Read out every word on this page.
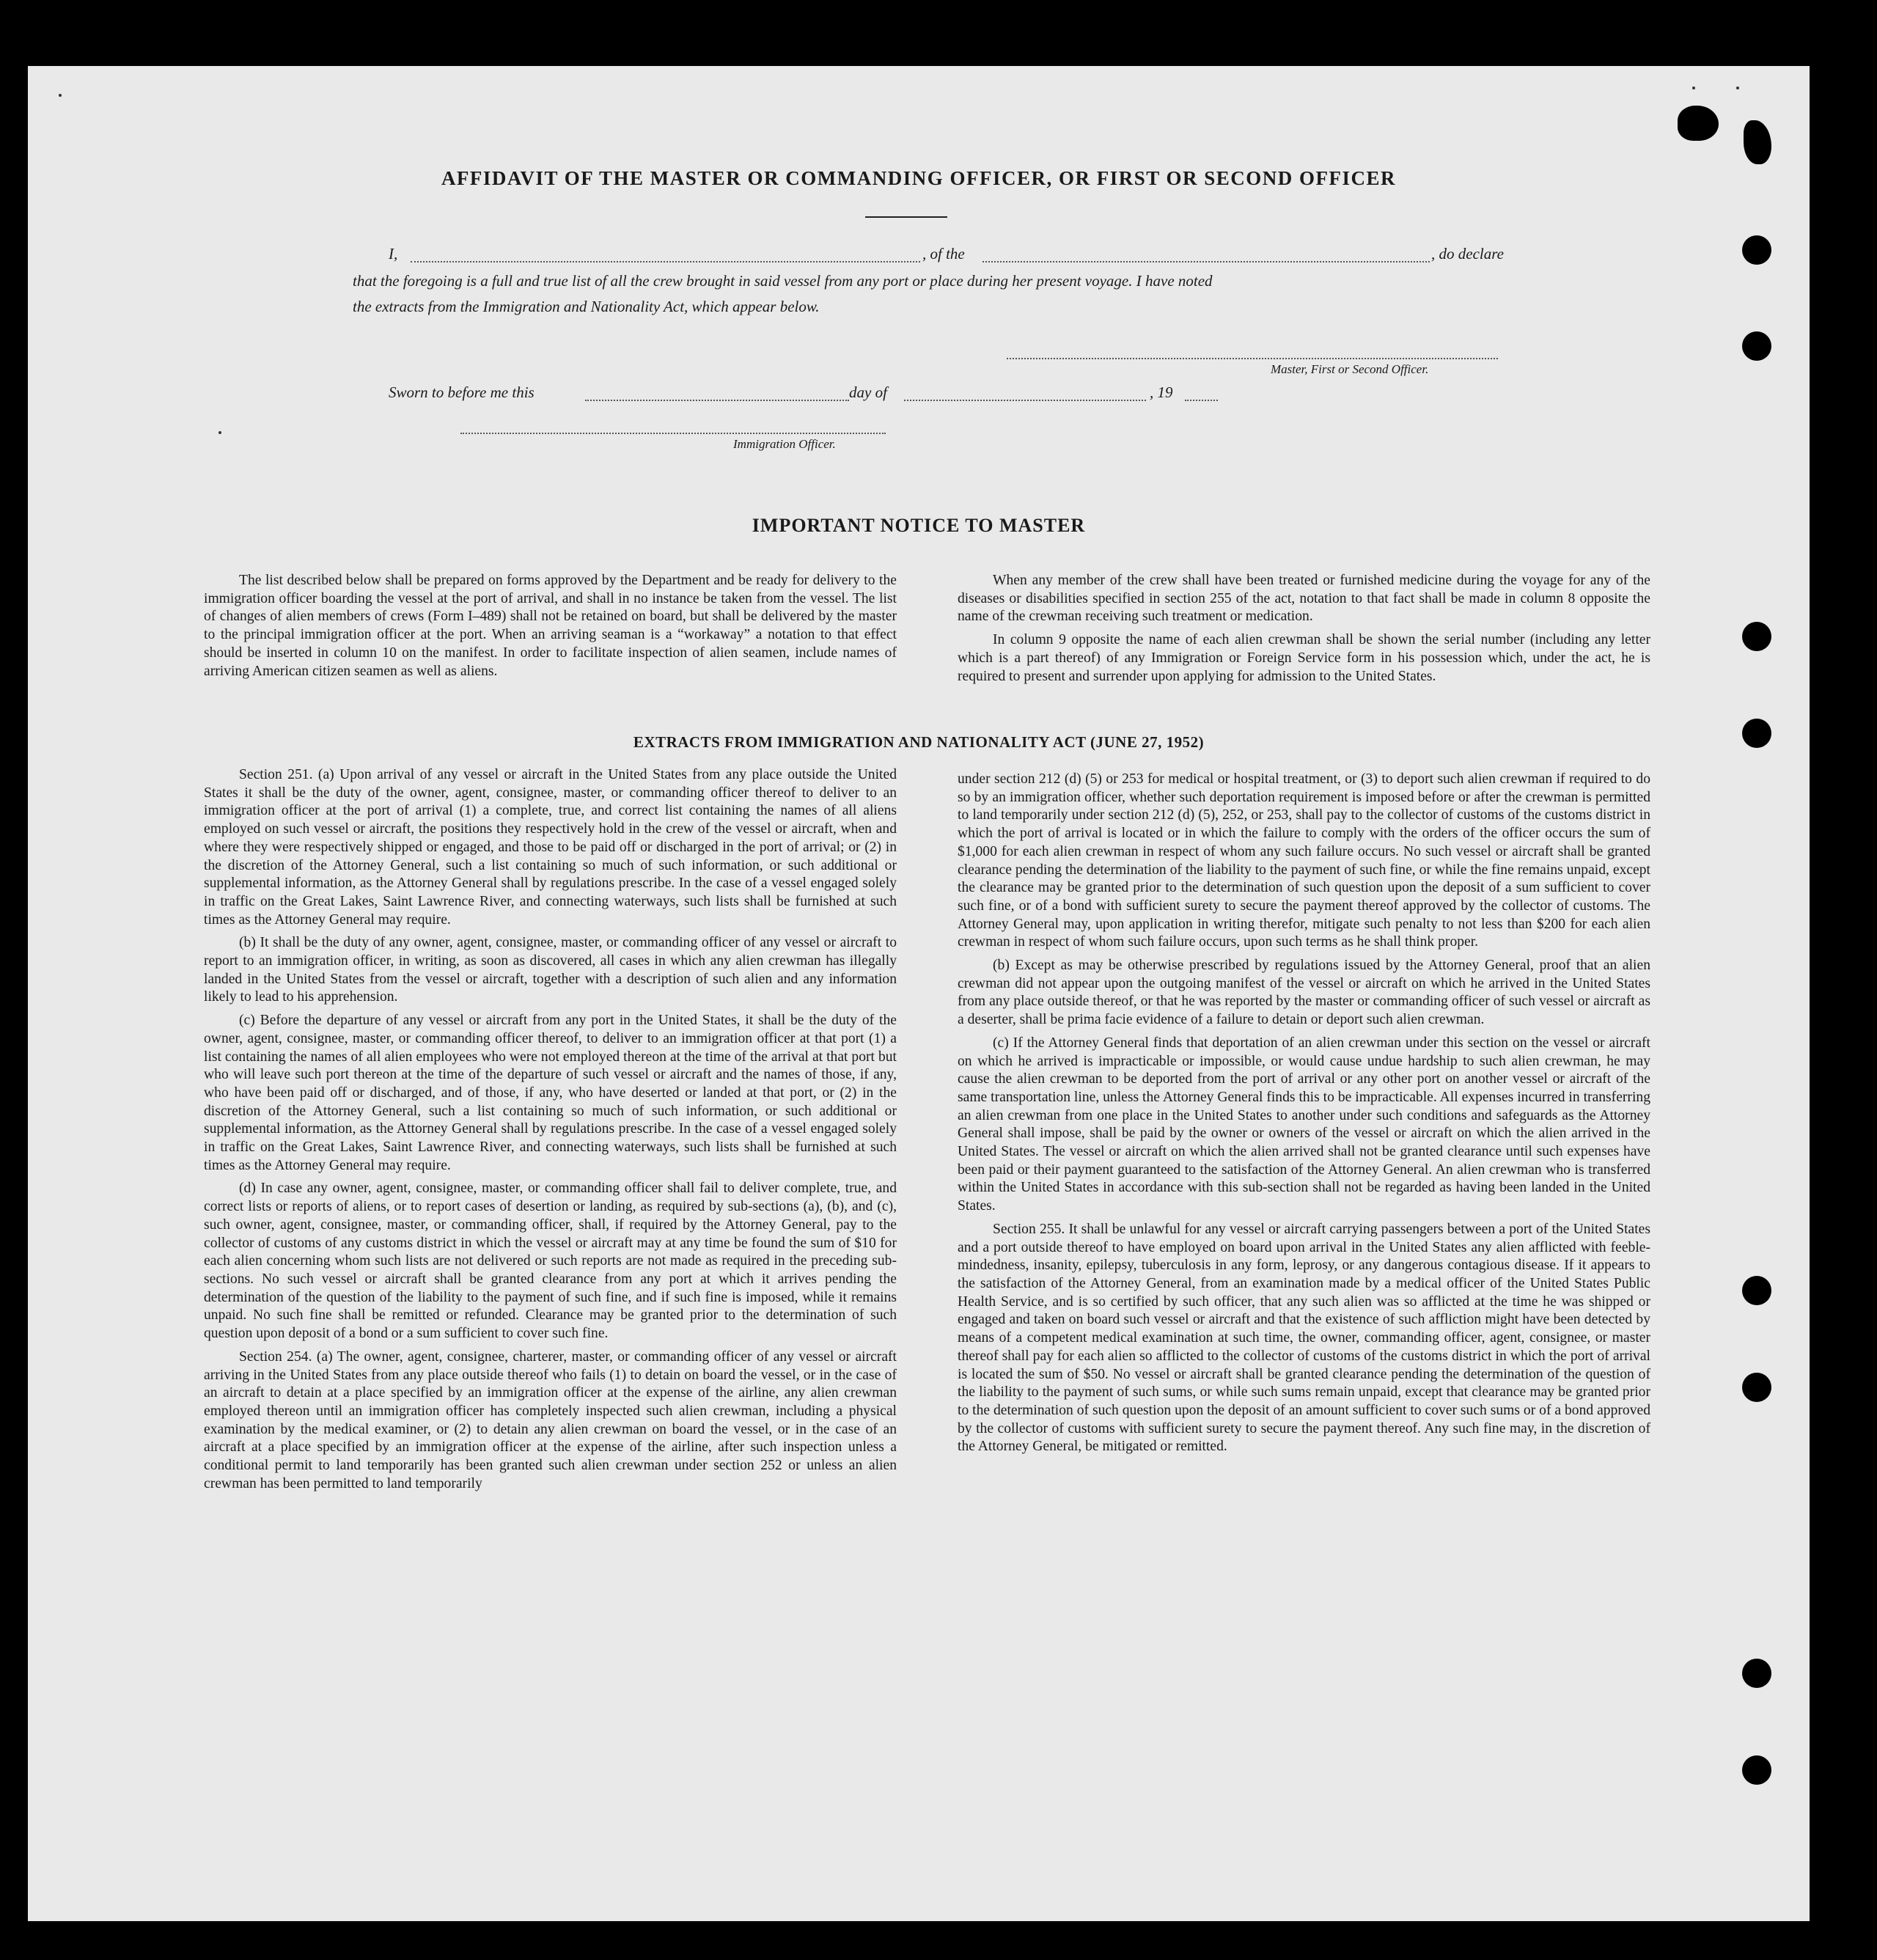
AFFIDAVIT OF THE MASTER OR COMMANDING OFFICER, OR FIRST OR SECOND OFFICER
I,	, of the	, do declare
that the foregoing is a full and true list of all the crew brought in said vessel from any port or place during her present voyage. I have noted
the extracts from the Immigration and Nationality Act, which appear below.
Master, First or Second Officer.
Sworn to before me this	day of	, 19
Immigration Officer.
IMPORTANT NOTICE TO MASTER

The list described below shall be prepared on forms approved by the Department and be ready for delivery to the immigration officer boarding the vessel at the port of arrival, and shall in no instance be taken from the vessel. The list of changes of alien members of crews (Form I–489) shall not be retained on board, but shall be delivered by the master to the principal immigration officer at the port. When an arriving seaman is a “workaway” a notation to that effect should be inserted in column 10 on the manifest. In order to facilitate inspection of alien seamen, include names of arriving American citizen seamen as well as aliens.

When any member of the crew shall have been treated or furnished medicine during the voyage for any of the diseases or disabilities specified in section 255 of the act, notation to that fact shall be made in column 8 opposite the name of the crewman receiving such treatment or medication.

In column 9 opposite the name of each alien crewman shall be shown the serial number (including any letter which is a part thereof) of any Immigration or Foreign Service form in his possession which, under the act, he is required to present and surrender upon applying for admission to the United States.

EXTRACTS FROM IMMIGRATION AND NATIONALITY ACT (JUNE 27, 1952)

Section 251. (a) Upon arrival of any vessel or aircraft in the United States from any place outside the United States it shall be the duty of the owner, agent, consignee, master, or commanding officer thereof to deliver to an immigration officer at the port of arrival (1) a complete, true, and correct list containing the names of all aliens employed on such vessel or aircraft, the positions they respectively hold in the crew of the vessel or aircraft, when and where they were respectively shipped or engaged, and those to be paid off or discharged in the port of arrival; or (2) in the discretion of the Attorney General, such a list containing so much of such information, or such additional or supplemental information, as the Attorney General shall by regulations prescribe. In the case of a vessel engaged solely in traffic on the Great Lakes, Saint Lawrence River, and connecting waterways, such lists shall be furnished at such times as the Attorney General may require.

(b) It shall be the duty of any owner, agent, consignee, master, or commanding officer of any vessel or aircraft to report to an immigration officer, in writing, as soon as discovered, all cases in which any alien crewman has illegally landed in the United States from the vessel or aircraft, together with a description of such alien and any information likely to lead to his apprehension.

(c) Before the departure of any vessel or aircraft from any port in the United States, it shall be the duty of the owner, agent, consignee, master, or commanding officer thereof, to deliver to an immigration officer at that port (1) a list containing the names of all alien employees who were not employed thereon at the time of the arrival at that port but who will leave such port thereon at the time of the departure of such vessel or aircraft and the names of those, if any, who have been paid off or discharged, and of those, if any, who have deserted or landed at that port, or (2) in the discretion of the Attorney General, such a list containing so much of such information, or such additional or supplemental information, as the Attorney General shall by regulations prescribe. In the case of a vessel engaged solely in traffic on the Great Lakes, Saint Lawrence River, and connecting waterways, such lists shall be furnished at such times as the Attorney General may require.

(d) In case any owner, agent, consignee, master, or commanding officer shall fail to deliver complete, true, and correct lists or reports of aliens, or to report cases of desertion or landing, as required by sub-sections (a), (b), and (c), such owner, agent, consignee, master, or commanding officer, shall, if required by the Attorney General, pay to the collector of customs of any customs district in which the vessel or aircraft may at any time be found the sum of $10 for each alien concerning whom such lists are not delivered or such reports are not made as required in the preceding sub-sections. No such vessel or aircraft shall be granted clearance from any port at which it arrives pending the determination of the question of the liability to the payment of such fine, and if such fine is imposed, while it remains unpaid. No such fine shall be remitted or refunded. Clearance may be granted prior to the determination of such question upon deposit of a bond or a sum sufficient to cover such fine.

Section 254. (a) The owner, agent, consignee, charterer, master, or commanding officer of any vessel or aircraft arriving in the United States from any place outside thereof who fails (1) to detain on board the vessel, or in the case of an aircraft to detain at a place specified by an immigration officer at the expense of the airline, any alien crewman employed thereon until an immigration officer has completely inspected such alien crewman, including a physical examination by the medical examiner, or (2) to detain any alien crewman on board the vessel, or in the case of an aircraft at a place specified by an immigration officer at the expense of the airline, after such inspection unless a conditional permit to land temporarily has been granted such alien crewman under section 252 or unless an alien crewman has been permitted to land temporarily

under section 212 (d) (5) or 253 for medical or hospital treatment, or (3) to deport such alien crewman if required to do so by an immigration officer, whether such deportation requirement is imposed before or after the crewman is permitted to land temporarily under section 212 (d) (5), 252, or 253, shall pay to the collector of customs of the customs district in which the port of arrival is located or in which the failure to comply with the orders of the officer occurs the sum of $1,000 for each alien crewman in respect of whom any such failure occurs. No such vessel or aircraft shall be granted clearance pending the determination of the liability to the payment of such fine, or while the fine remains unpaid, except the clearance may be granted prior to the determination of such question upon the deposit of a sum sufficient to cover such fine, or of a bond with sufficient surety to secure the payment thereof approved by the collector of customs. The Attorney General may, upon application in writing therefor, mitigate such penalty to not less than $200 for each alien crewman in respect of whom such failure occurs, upon such terms as he shall think proper.

(b) Except as may be otherwise prescribed by regulations issued by the Attorney General, proof that an alien crewman did not appear upon the outgoing manifest of the vessel or aircraft on which he arrived in the United States from any place outside thereof, or that he was reported by the master or commanding officer of such vessel or aircraft as a deserter, shall be prima facie evidence of a failure to detain or deport such alien crewman.

(c) If the Attorney General finds that deportation of an alien crewman under this section on the vessel or aircraft on which he arrived is impracticable or impossible, or would cause undue hardship to such alien crewman, he may cause the alien crewman to be deported from the port of arrival or any other port on another vessel or aircraft of the same transportation line, unless the Attorney General finds this to be impracticable. All expenses incurred in transferring an alien crewman from one place in the United States to another under such conditions and safeguards as the Attorney General shall impose, shall be paid by the owner or owners of the vessel or aircraft on which the alien arrived in the United States. The vessel or aircraft on which the alien arrived shall not be granted clearance until such expenses have been paid or their payment guaranteed to the satisfaction of the Attorney General. An alien crewman who is transferred within the United States in accordance with this sub-section shall not be regarded as having been landed in the United States.

Section 255. It shall be unlawful for any vessel or aircraft carrying passengers between a port of the United States and a port outside thereof to have employed on board upon arrival in the United States any alien afflicted with feeble-mindedness, insanity, epilepsy, tuberculosis in any form, leprosy, or any dangerous contagious disease. If it appears to the satisfaction of the Attorney General, from an examination made by a medical officer of the United States Public Health Service, and is so certified by such officer, that any such alien was so afflicted at the time he was shipped or engaged and taken on board such vessel or aircraft and that the existence of such affliction might have been detected by means of a competent medical examination at such time, the owner, commanding officer, agent, consignee, or master thereof shall pay for each alien so afflicted to the collector of customs of the customs district in which the port of arrival is located the sum of $50. No vessel or aircraft shall be granted clearance pending the determination of the question of the liability to the payment of such sums, or while such sums remain unpaid, except that clearance may be granted prior to the determination of such question upon the deposit of an amount sufficient to cover such sums or of a bond approved by the collector of customs with sufficient surety to secure the payment thereof. Any such fine may, in the discretion of the Attorney General, be mitigated or remitted.
